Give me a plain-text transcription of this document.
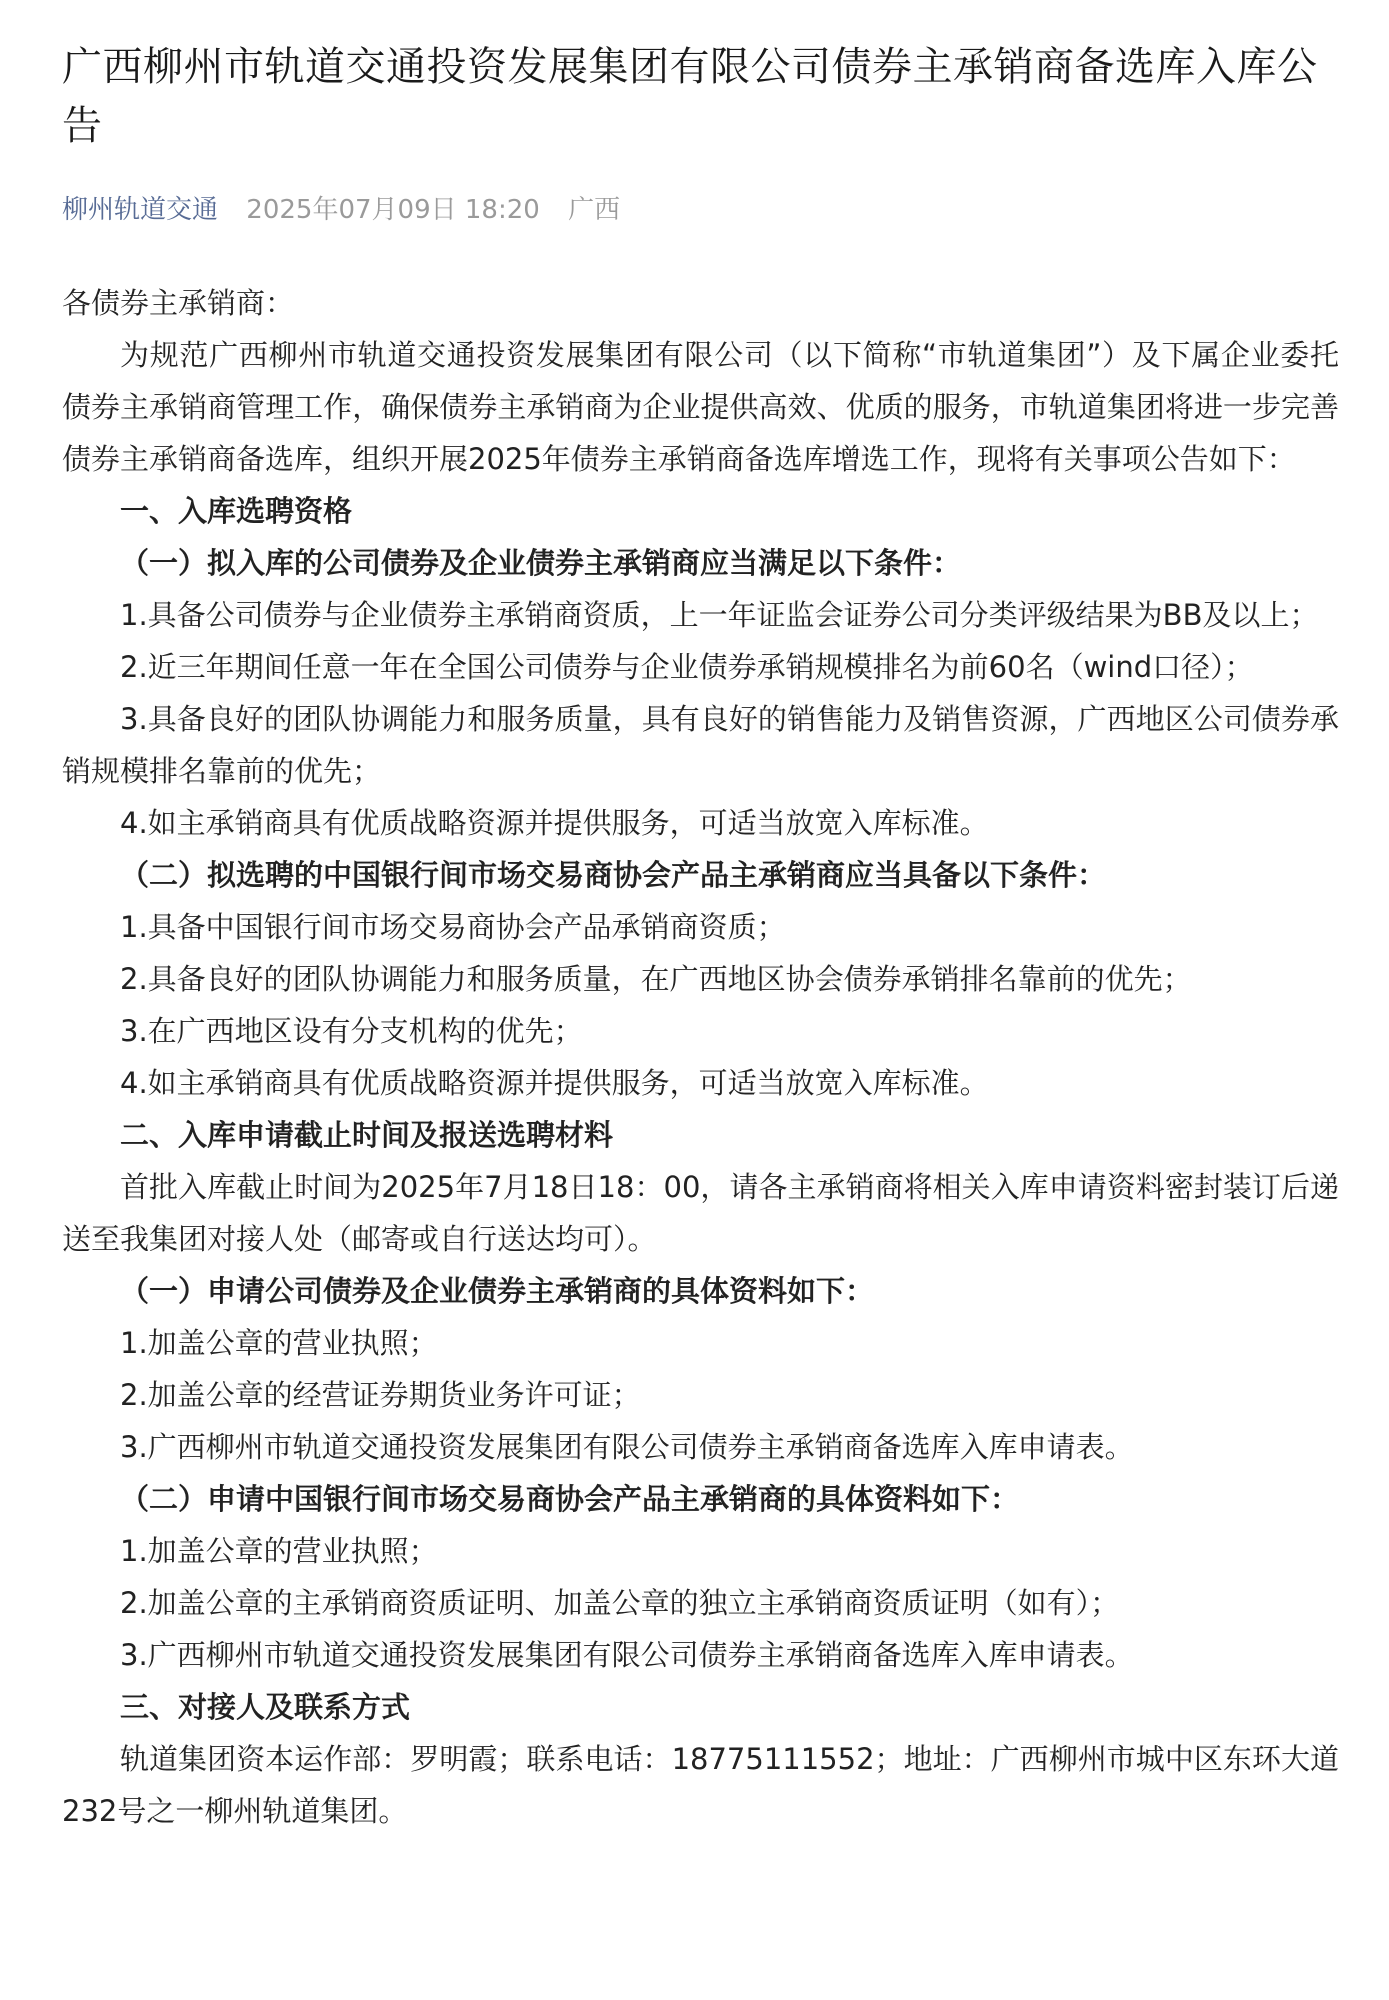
广西柳州市轨道交通投资发展集团有限公司债券主承销商备选库入库公告
柳州轨道交通 2025年07月09日 18:20 广西

各债券主承销商：

为规范广西柳州市轨道交通投资发展集团有限公司（以下简称“市轨道集团”）及下属企业委托债券主承销商管理工作，确保债券主承销商为企业提供高效、优质的服务，市轨道集团将进一步完善债券主承销商备选库，组织开展2025年债券主承销商备选库增选工作，现将有关事项公告如下：

一、入库选聘资格

（一）拟入库的公司债券及企业债券主承销商应当满足以下条件：

1.具备公司债券与企业债券主承销商资质，上一年证监会证券公司分类评级结果为BB及以上；

2.近三年期间任意一年在全国公司债券与企业债券承销规模排名为前60名（wind口径）；

3.具备良好的团队协调能力和服务质量，具有良好的销售能力及销售资源，广西地区公司债券承销规模排名靠前的优先；

4.如主承销商具有优质战略资源并提供服务，可适当放宽入库标准。

（二）拟选聘的中国银行间市场交易商协会产品主承销商应当具备以下条件：

1.具备中国银行间市场交易商协会产品承销商资质；

2.具备良好的团队协调能力和服务质量，在广西地区协会债券承销排名靠前的优先；

3.在广西地区设有分支机构的优先；

4.如主承销商具有优质战略资源并提供服务，可适当放宽入库标准。

二、入库申请截止时间及报送选聘材料

首批入库截止时间为2025年7月18日18：00，请各主承销商将相关入库申请资料密封装订后递送至我集团对接人处（邮寄或自行送达均可）。

（一）申请公司债券及企业债券主承销商的具体资料如下：

1.加盖公章的营业执照；

2.加盖公章的经营证券期货业务许可证；

3.广西柳州市轨道交通投资发展集团有限公司债券主承销商备选库入库申请表。

（二）申请中国银行间市场交易商协会产品主承销商的具体资料如下：

1.加盖公章的营业执照；

2.加盖公章的主承销商资质证明、加盖公章的独立主承销商资质证明（如有）；

3.广西柳州市轨道交通投资发展集团有限公司债券主承销商备选库入库申请表。

三、对接人及联系方式

轨道集团资本运作部：罗明霞；联系电话：18775111552；地址：广西柳州市城中区东环大道232号之一柳州轨道集团。
